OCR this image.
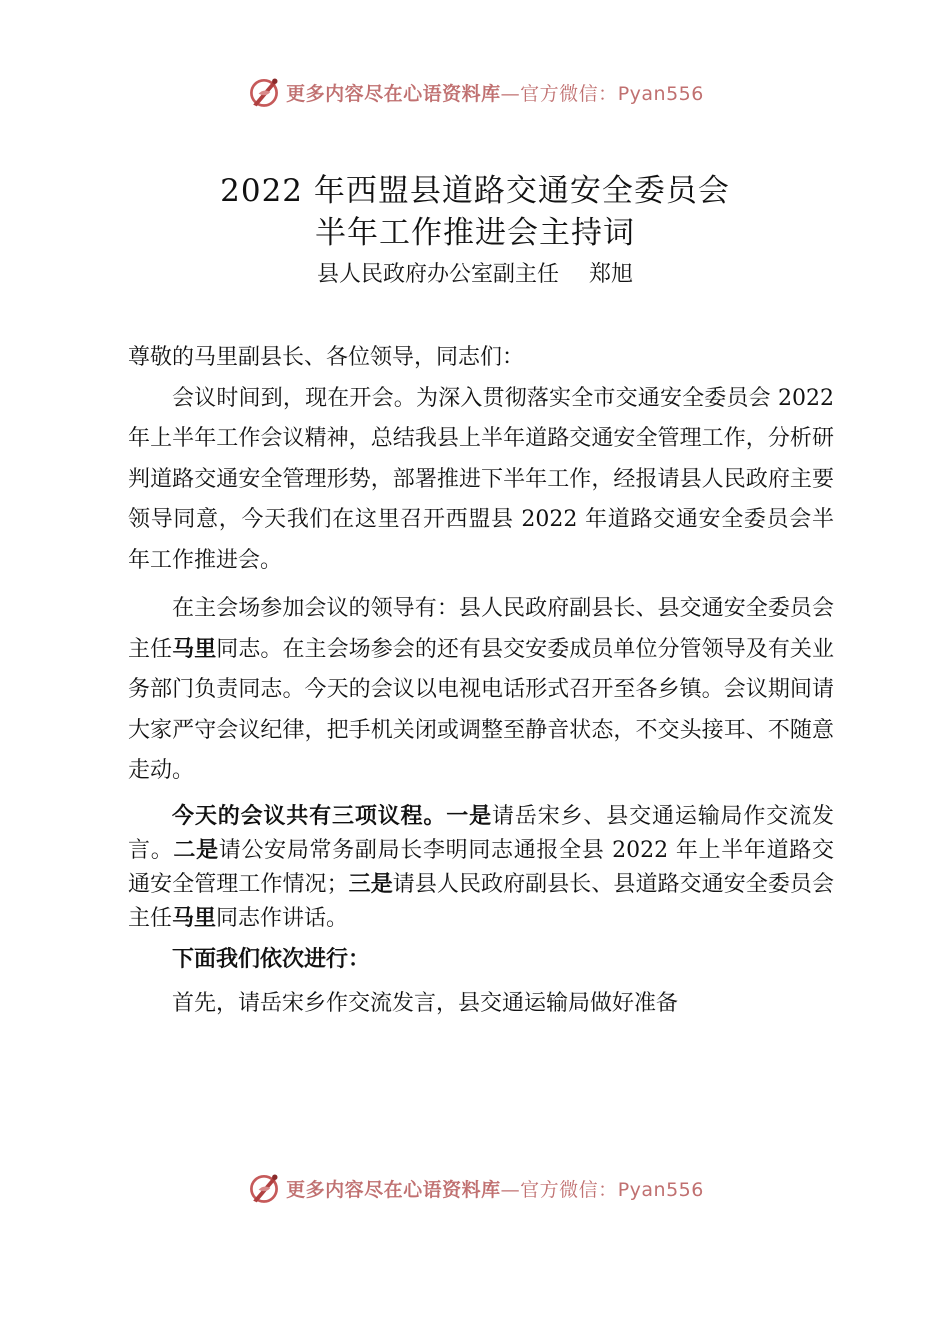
更多内容尽在心语资料库—官方微信：Pyan556
2022 年西盟县道路交通安全委员会
半年工作推进会主持词
县人民政府办公室副主任 郑旭

尊敬的马里副县长、各位领导，同志们：

会议时间到，现在开会。为深入贯彻落实全市交通安全委员会 2022 年上半年工作会议精神，总结我县上半年道路交通安全管理工作，分析研判道路交通安全管理形势，部署推进下半年工作，经报请县人民政府主要领导同意，今天我们在这里召开西盟县 2022 年道路交通安全委员会半年工作推进会。

在主会场参加会议的领导有：县人民政府副县长、县交通安全委员会主任马里同志。在主会场参会的还有县交安委成员单位分管领导及有关业务部门负责同志。今天的会议以电视电话形式召开至各乡镇。会议期间请大家严守会议纪律，把手机关闭或调整至静音状态，不交头接耳、不随意走动。

今天的会议共有三项议程。一是请岳宋乡、县交通运输局作交流发言。二是请公安局常务副局长李明同志通报全县 2022 年上半年道路交通安全管理工作情况；三是请县人民政府副县长、县道路交通安全委员会主任马里同志作讲话。

下面我们依次进行：

首先，请岳宋乡作交流发言，县交通运输局做好准备

更多内容尽在心语资料库—官方微信：Pyan556
